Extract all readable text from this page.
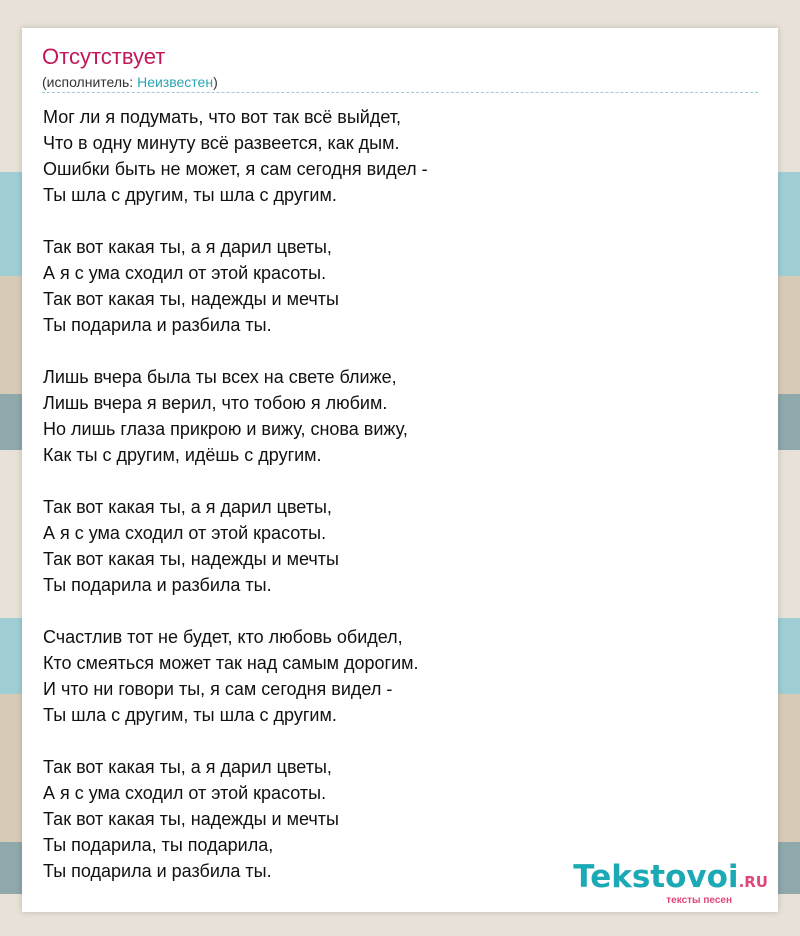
Отсутствует
(исполнитель: Неизвестен)
Мог ли я подумать, что вот так всё выйдет,
Что в одну минуту всё развеется, как дым.
Ошибки быть не может, я сам сегодня видел -
Ты шла с другим, ты шла с другим.
Так вот какая ты, а я дарил цветы,
А я с ума сходил от этой красоты.
Так вот какая ты, надежды и мечты
Ты подарила и разбила ты.
Лишь вчера была ты всех на свете ближе,
Лишь вчера я верил, что тобою я любим.
Но лишь глаза прикрою и вижу, снова вижу,
Как ты с другим, идёшь с другим.
Так вот какая ты, а я дарил цветы,
А я с ума сходил от этой красоты.
Так вот какая ты, надежды и мечты
Ты подарила и разбила ты.
Счастлив тот не будет, кто любовь обидел,
Кто смеяться может так над самым дорогим.
И что ни говори ты, я сам сегодня видел -
Ты шла с другим, ты шла с другим.
Так вот какая ты, а я дарил цветы,
А я с ума сходил от этой красоты.
Так вот какая ты, надежды и мечты
Ты подарила, ты подарила,
Ты подарила и разбила ты.	Tekstovoi.RU
тексты песен
